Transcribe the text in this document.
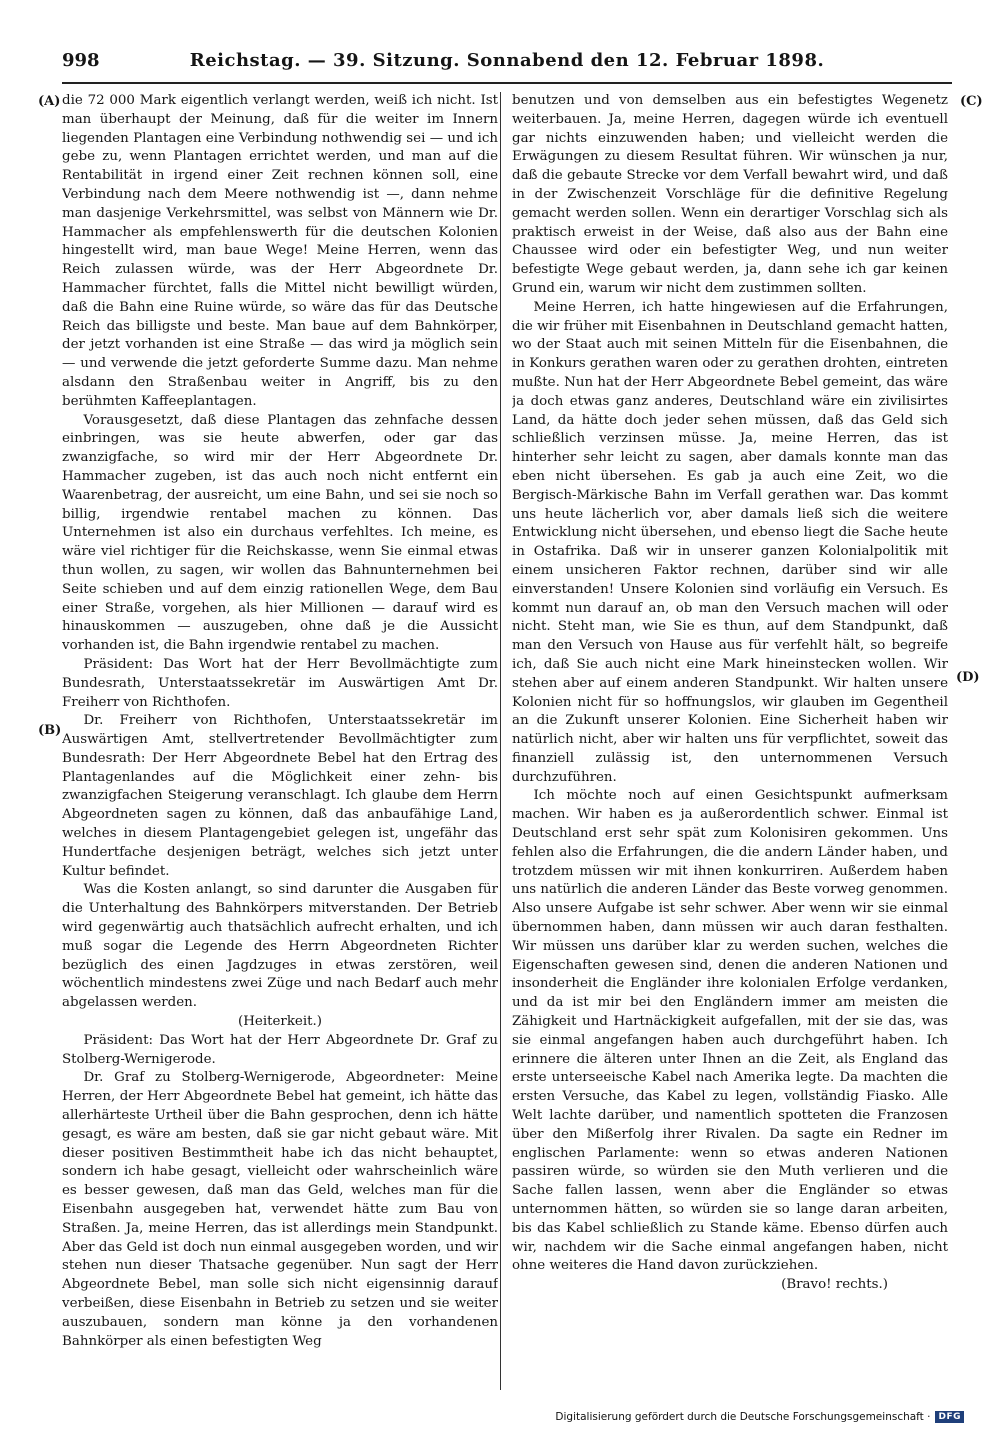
998	Reichstag. — 39. Sitzung. Sonnabend den 12. Februar 1898.
(A)
(B)
(C)
(D)

die 72 000 Mark eigentlich verlangt werden, weiß ich nicht. Ist man überhaupt der Meinung, daß für die weiter im Innern liegenden Plantagen eine Verbindung nothwendig sei — und ich gebe zu, wenn Plantagen errichtet werden, und man auf die Rentabilität in irgend einer Zeit rechnen können soll, eine Verbindung nach dem Meere nothwendig ist —, dann nehme man dasjenige Verkehrsmittel, was selbst von Männern wie Dr. Hammacher als empfehlenswerth für die deutschen Kolonien hingestellt wird, man baue Wege! Meine Herren, wenn das Reich zulassen würde, was der Herr Abgeordnete Dr. Hammacher fürchtet, falls die Mittel nicht bewilligt würden, daß die Bahn eine Ruine würde, so wäre das für das Deutsche Reich das billigste und beste. Man baue auf dem Bahnkörper, der jetzt vorhanden ist eine Straße — das wird ja möglich sein — und verwende die jetzt geforderte Summe dazu. Man nehme alsdann den Straßenbau weiter in Angriff, bis zu den berühmten Kaffeeplantagen.

Vorausgesetzt, daß diese Plantagen das zehnfache dessen einbringen, was sie heute abwerfen, oder gar das zwanzigfache, so wird mir der Herr Abgeordnete Dr. Hammacher zugeben, ist das auch noch nicht entfernt ein Waarenbetrag, der ausreicht, um eine Bahn, und sei sie noch so billig, irgendwie rentabel machen zu können. Das Unternehmen ist also ein durchaus verfehltes. Ich meine, es wäre viel richtiger für die Reichskasse, wenn Sie einmal etwas thun wollen, zu sagen, wir wollen das Bahnunternehmen bei Seite schieben und auf dem einzig rationellen Wege, dem Bau einer Straße, vorgehen, als hier Millionen — darauf wird es hinauskommen — auszugeben, ohne daß je die Aussicht vorhanden ist, die Bahn irgendwie rentabel zu machen.

Präsident: Das Wort hat der Herr Bevollmächtigte zum Bundesrath, Unterstaatssekretär im Auswärtigen Amt Dr. Freiherr von Richthofen.

Dr. Freiherr von Richthofen, Unterstaatssekretär im Auswärtigen Amt, stellvertretender Bevollmächtigter zum Bundesrath: Der Herr Abgeordnete Bebel hat den Ertrag des Plantagenlandes auf die Möglichkeit einer zehn- bis zwanzigfachen Steigerung veranschlagt. Ich glaube dem Herrn Abgeordneten sagen zu können, daß das anbaufähige Land, welches in diesem Plantagengebiet gelegen ist, ungefähr das Hundertfache desjenigen beträgt, welches sich jetzt unter Kultur befindet.

Was die Kosten anlangt, so sind darunter die Ausgaben für die Unterhaltung des Bahnkörpers mitverstanden. Der Betrieb wird gegenwärtig auch thatsächlich aufrecht erhalten, und ich muß sogar die Legende des Herrn Abgeordneten Richter bezüglich des einen Jagdzuges in etwas zerstören, weil wöchentlich mindestens zwei Züge und nach Bedarf auch mehr abgelassen werden.

(Heiterkeit.)

Präsident: Das Wort hat der Herr Abgeordnete Dr. Graf zu Stolberg-Wernigerode.

Dr. Graf zu Stolberg-Wernigerode, Abgeordneter: Meine Herren, der Herr Abgeordnete Bebel hat gemeint, ich hätte das allerhärteste Urtheil über die Bahn gesprochen, denn ich hätte gesagt, es wäre am besten, daß sie gar nicht gebaut wäre. Mit dieser positiven Bestimmtheit habe ich das nicht behauptet, sondern ich habe gesagt, vielleicht oder wahrscheinlich wäre es besser gewesen, daß man das Geld, welches man für die Eisenbahn ausgegeben hat, verwendet hätte zum Bau von Straßen. Ja, meine Herren, das ist allerdings mein Standpunkt. Aber das Geld ist doch nun einmal ausgegeben worden, und wir stehen nun dieser Thatsache gegenüber. Nun sagt der Herr Abgeordnete Bebel, man solle sich nicht eigensinnig darauf verbeißen, diese Eisenbahn in Betrieb zu setzen und sie weiter auszubauen, sondern man könne ja den vorhandenen Bahnkörper als einen befestigten Weg

benutzen und von demselben aus ein befestigtes Wegenetz weiterbauen. Ja, meine Herren, dagegen würde ich eventuell gar nichts einzuwenden haben; und vielleicht werden die Erwägungen zu diesem Resultat führen. Wir wünschen ja nur, daß die gebaute Strecke vor dem Verfall bewahrt wird, und daß in der Zwischenzeit Vorschläge für die definitive Regelung gemacht werden sollen. Wenn ein derartiger Vorschlag sich als praktisch erweist in der Weise, daß also aus der Bahn eine Chaussee wird oder ein befestigter Weg, und nun weiter befestigte Wege gebaut werden, ja, dann sehe ich gar keinen Grund ein, warum wir nicht dem zustimmen sollten.

Meine Herren, ich hatte hingewiesen auf die Erfahrungen, die wir früher mit Eisenbahnen in Deutschland gemacht hatten, wo der Staat auch mit seinen Mitteln für die Eisenbahnen, die in Konkurs gerathen waren oder zu gerathen drohten, eintreten mußte. Nun hat der Herr Abgeordnete Bebel gemeint, das wäre ja doch etwas ganz anderes, Deutschland wäre ein zivilisirtes Land, da hätte doch jeder sehen müssen, daß das Geld sich schließlich verzinsen müsse. Ja, meine Herren, das ist hinterher sehr leicht zu sagen, aber damals konnte man das eben nicht übersehen. Es gab ja auch eine Zeit, wo die Bergisch-Märkische Bahn im Verfall gerathen war. Das kommt uns heute lächerlich vor, aber damals ließ sich die weitere Entwicklung nicht übersehen, und ebenso liegt die Sache heute in Ostafrika. Daß wir in unserer ganzen Kolonialpolitik mit einem unsicheren Faktor rechnen, darüber sind wir alle einverstanden! Unsere Kolonien sind vorläufig ein Versuch. Es kommt nun darauf an, ob man den Versuch machen will oder nicht. Steht man, wie Sie es thun, auf dem Standpunkt, daß man den Versuch von Hause aus für verfehlt hält, so begreife ich, daß Sie auch nicht eine Mark hineinstecken wollen. Wir stehen aber auf einem anderen Standpunkt. Wir halten unsere Kolonien nicht für so hoffnungslos, wir glauben im Gegentheil an die Zukunft unserer Kolonien. Eine Sicherheit haben wir natürlich nicht, aber wir halten uns für verpflichtet, soweit das finanziell zulässig ist, den unternommenen Versuch durchzuführen.

Ich möchte noch auf einen Gesichtspunkt aufmerksam machen. Wir haben es ja außerordentlich schwer. Einmal ist Deutschland erst sehr spät zum Kolonisiren gekommen. Uns fehlen also die Erfahrungen, die die andern Länder haben, und trotzdem müssen wir mit ihnen konkurriren. Außerdem haben uns natürlich die anderen Länder das Beste vorweg genommen. Also unsere Aufgabe ist sehr schwer. Aber wenn wir sie einmal übernommen haben, dann müssen wir auch daran festhalten. Wir müssen uns darüber klar zu werden suchen, welches die Eigenschaften gewesen sind, denen die anderen Nationen und insonderheit die Engländer ihre kolonialen Erfolge verdanken, und da ist mir bei den Engländern immer am meisten die Zähigkeit und Hartnäckigkeit aufgefallen, mit der sie das, was sie einmal angefangen haben auch durchgeführt haben. Ich erinnere die älteren unter Ihnen an die Zeit, als England das erste unterseeische Kabel nach Amerika legte. Da machten die ersten Versuche, das Kabel zu legen, vollständig Fiasko. Alle Welt lachte darüber, und namentlich spotteten die Franzosen über den Mißerfolg ihrer Rivalen. Da sagte ein Redner im englischen Parlamente: wenn so etwas anderen Nationen passiren würde, so würden sie den Muth verlieren und die Sache fallen lassen, wenn aber die Engländer so etwas unternommen hätten, so würden sie so lange daran arbeiten, bis das Kabel schließlich zu Stande käme. Ebenso dürfen auch wir, nachdem wir die Sache einmal angefangen haben, nicht ohne weiteres die Hand davon zurückziehen.

(Bravo! rechts.)

Digitalisierung gefördert durch die Deutsche Forschungsgemeinschaft · DFG
